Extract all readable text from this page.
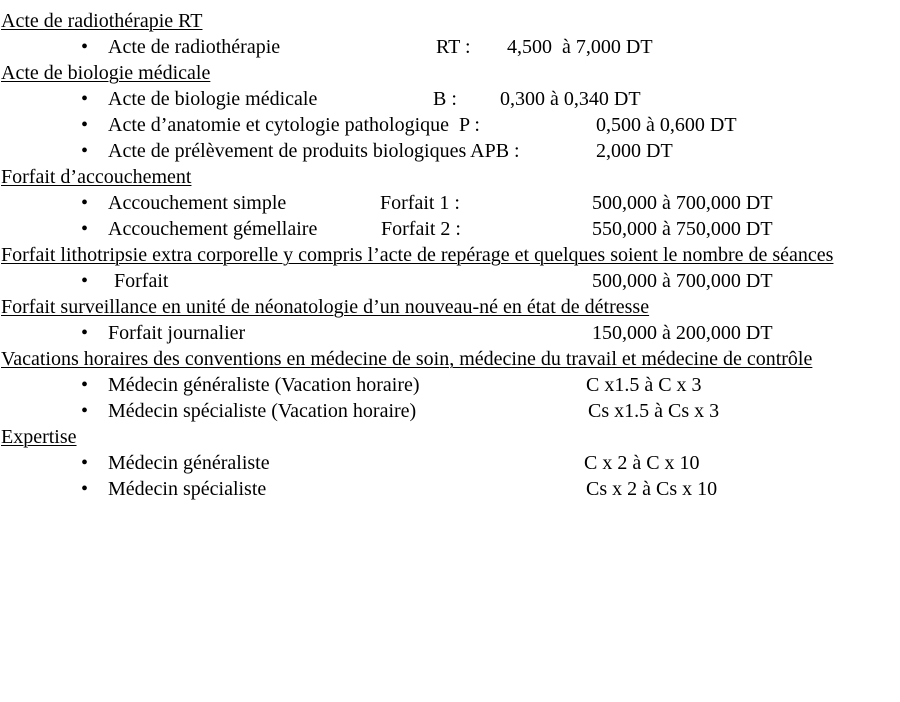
Acte de radiothérapie RT
• Acte de radiothérapie	RT : 4,500  à 7,000 DT
Acte de biologie médicale
• Acte de biologie médicale	B : 0,300 à 0,340 DT
• Acte d’anatomie et cytologie pathologique  P :	0,500 à 0,600 DT
• Acte de prélèvement de produits biologiques APB :	2,000 DT
Forfait d’accouchement
• Accouchement simple	Forfait 1 :	500,000 à 700,000 DT
• Accouchement gémellaire	Forfait 2 :	550,000 à 750,000 DT
Forfait lithotripsie extra corporelle y compris l’acte de repérage et quelques soient le nombre de séances
• Forfait	500,000 à 700,000 DT
Forfait surveillance en unité de néonatologie d’un nouveau-né en état de détresse
• Forfait journalier	150,000 à 200,000 DT
Vacations horaires des conventions en médecine de soin, médecine du travail et médecine de contrôle
• Médecin généraliste (Vacation horaire)	C x1.5 à C x 3
• Médecin spécialiste (Vacation horaire)	Cs x1.5 à Cs x 3
Expertise
• Médecin généraliste	C x 2 à C x 10
• Médecin spécialiste	Cs x 2 à Cs x 10
